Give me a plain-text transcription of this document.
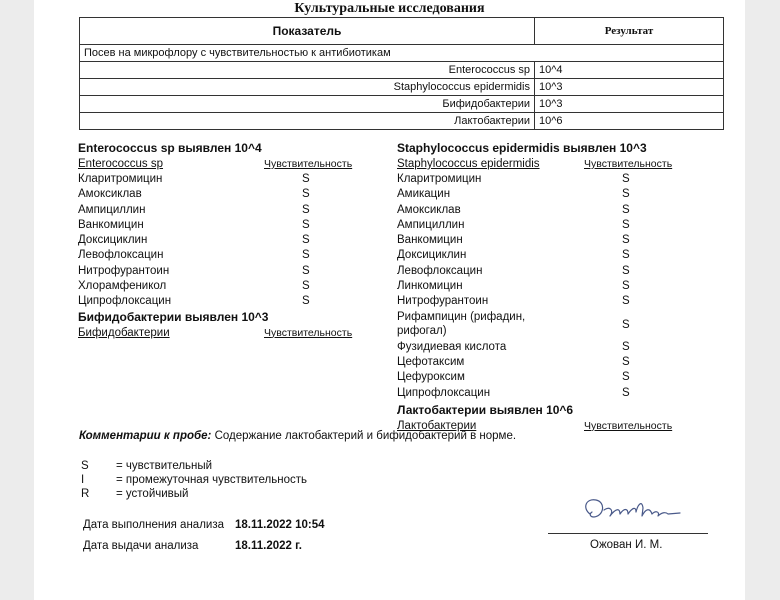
Культуральные исследования
Показатель	Результат
Посев на микрофлору с чувствительностью к антибиотикам	
Enterococcus sp	10^4
Staphylococcus epidermidis	10^3
Бифидобактерии	10^3
Лактобактерии	10^6
Enterococcus sp выявлен 10^4
Enterococcus sp	Чувствительность
Кларитромицин	S
Амоксиклав	S
Ампициллин	S
Ванкомицин	S
Доксициклин	S
Левофлоксацин	S
Нитрофурантоин	S
Хлорамфеникол	S
Ципрофлоксацин	S
Бифидобактерии выявлен 10^3
Бифидобактерии	Чувствительность
Staphylococcus epidermidis выявлен 10^3
Staphylococcus epidermidis	Чувствительность
Кларитромицин	S
Амикацин	S
Амоксиклав	S
Ампициллин	S
Ванкомицин	S
Доксициклин	S
Левофлоксацин	S
Линкомицин	S
Нитрофурантоин	S
Рифампицин (рифадин, рифогал)	S
Фузидиевая кислота	S
Цефотаксим	S
Цефуроксим	S
Ципрофлоксацин	S
Лактобактерии выявлен 10^6
Лактобактерии	Чувствительность
Комментарии к пробе: Содержание лактобактерий и бифидобактерий в норме.
S	= чувствительный
I	= промежуточная чувствительность
R	= устойчивый
Дата выполнения анализа 18.11.2022 10:54
Дата выдачи анализа	18.11.2022 г.	Ожован И. М.
